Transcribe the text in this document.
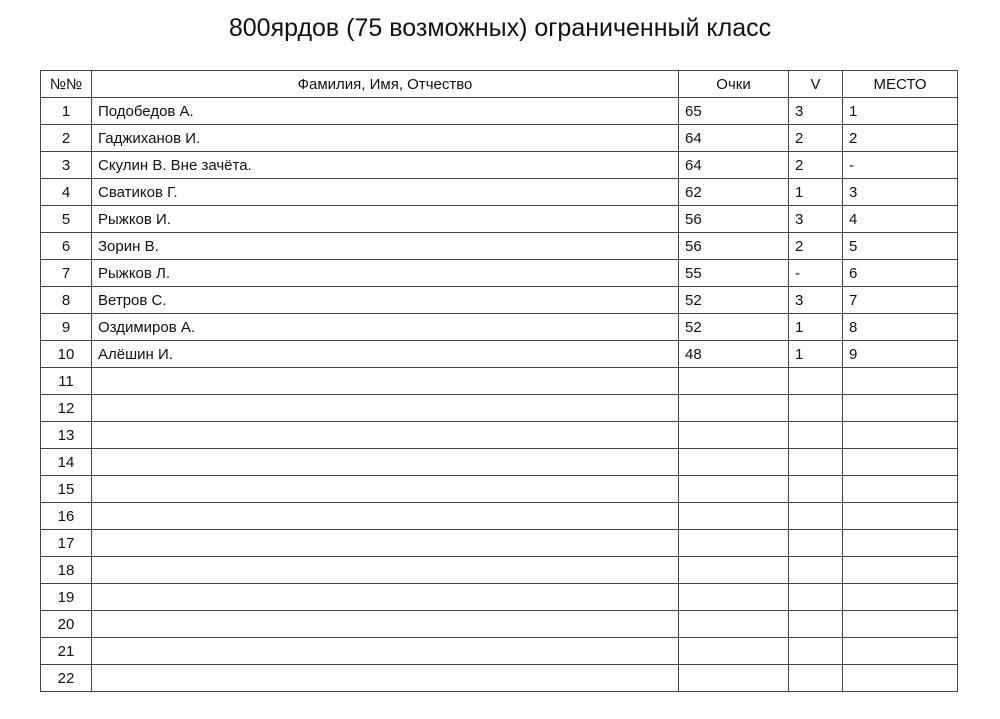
800ярдов (75 возможных) ограниченный класс
№№	Фамилия, Имя, Отчество	Очки	V	МЕСТО
1	Подобедов А.	65	3	1
2	Гаджиханов И.	64	2	2
3	Скулин В. Вне зачёта.	64	2	-
4	Сватиков Г.	62	1	3
5	Рыжков И.	56	3	4
6	Зорин В.	56	2	5
7	Рыжков Л.	55	-	6
8	Ветров С.	52	3	7
9	Оздимиров А.	52	1	8
10	Алёшин И.	48	1	9
11				
12				
13				
14				
15				
16				
17				
18				
19				
20				
21				
22				
